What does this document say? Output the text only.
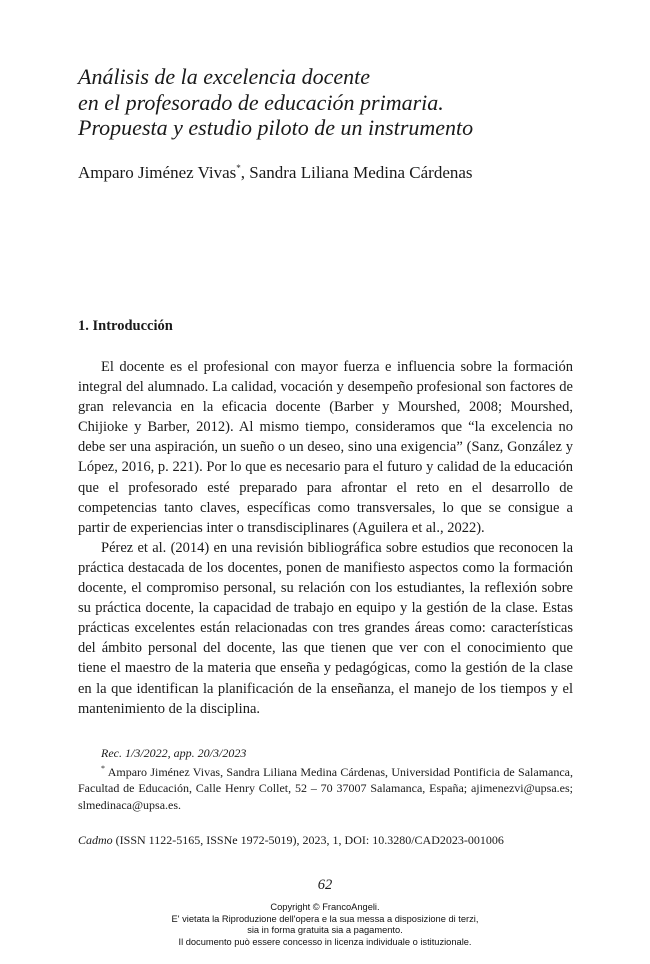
Análisis de la excelencia docente
en el profesorado de educación primaria.
Propuesta y estudio piloto de un instrumento
Amparo Jiménez Vivas*, Sandra Liliana Medina Cárdenas
1. Introducción

El docente es el profesional con mayor fuerza e influencia sobre la formación integral del alumnado. La calidad, vocación y desempeño profesional son factores de gran relevancia en la eficacia docente (Barber y Mourshed, 2008; Mourshed, Chijioke y Barber, 2012). Al mismo tiempo, consideramos que “la excelencia no debe ser una aspiración, un sueño o un deseo, sino una exigencia” (Sanz, González y López, 2016, p. 221). Por lo que es necesario para el futuro y calidad de la educación que el profesorado esté preparado para afrontar el reto en el desarrollo de competencias tanto claves, específicas como transversales, lo que se consigue a partir de experiencias inter o transdisciplinares (Aguilera et al., 2022).

Pérez et al. (2014) en una revisión bibliográfica sobre estudios que reconocen la práctica destacada de los docentes, ponen de manifiesto aspectos como la formación docente, el compromiso personal, su relación con los estudiantes, la reflexión sobre su práctica docente, la capacidad de trabajo en equipo y la gestión de la clase. Estas prácticas excelentes están relacionadas con tres grandes áreas como: características del ámbito personal del docente, las que tienen que ver con el conocimiento que tiene el maestro de la materia que enseña y pedagógicas, como la gestión de la clase en la que identifican la planificación de la enseñanza, el manejo de los tiempos y el mantenimiento de la disciplina.

Rec. 1/3/2022, app. 20/3/2023

* Amparo Jiménez Vivas, Sandra Liliana Medina Cárdenas, Universidad Pontificia de Salamanca, Facultad de Educación, Calle Henry Collet, 52 – 70 37007 Salamanca, España; ajimenezvi@upsa.es; slmedinaca@upsa.es.

Cadmo (ISSN 1122-5165, ISSNe 1972-5019), 2023, 1, DOI: 10.3280/CAD2023-001006
62
Copyright © FrancoAngeli.
E' vietata la Riproduzione dell'opera e la sua messa a disposizione di terzi,
sia in forma gratuita sia a pagamento.
Il documento può essere concesso in licenza individuale o istituzionale.
